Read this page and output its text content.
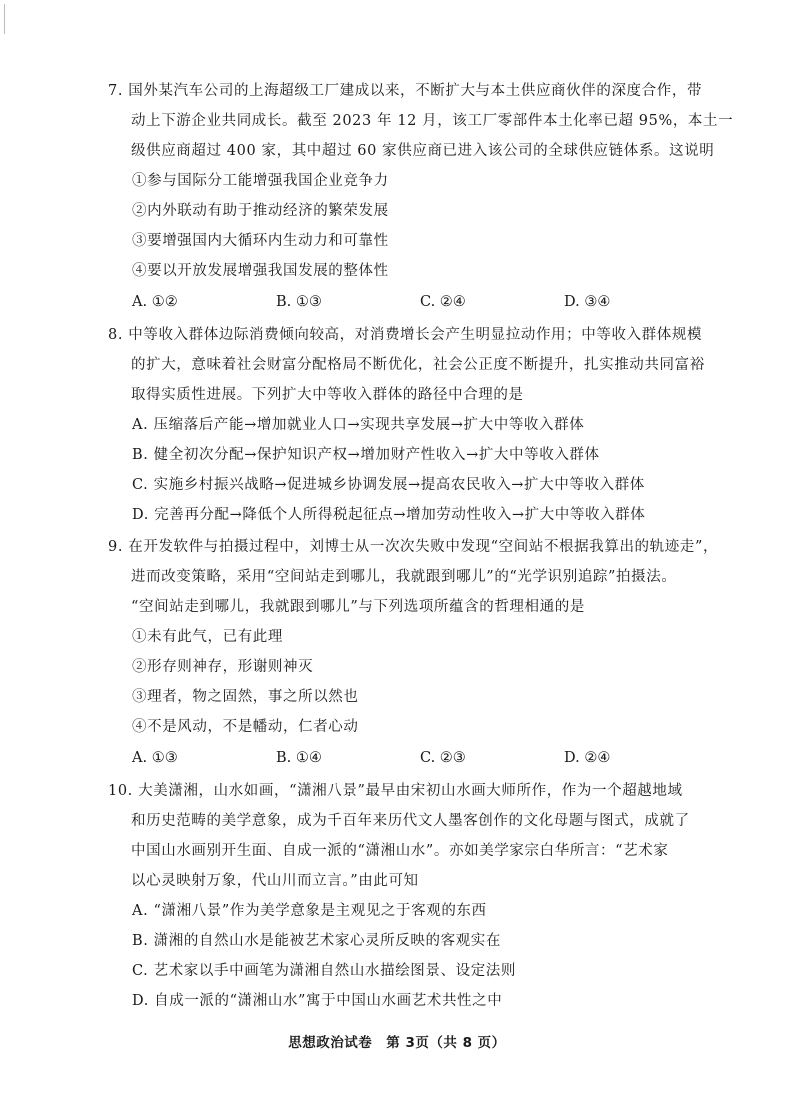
7. 国外某汽车公司的上海超级工厂建成以来，不断扩大与本土供应商伙伴的深度合作，带
动上下游企业共同成长。截至 2023 年 12 月，该工厂零部件本土化率已超 95%，本土一
级供应商超过 400 家，其中超过 60 家供应商已进入该公司的全球供应链体系。这说明
①参与国际分工能增强我国企业竞争力
②内外联动有助于推动经济的繁荣发展
③要增强国内大循环内生动力和可靠性
④要以开放发展增强我国发展的整体性
A. ①②	B. ①③	C. ②④	D. ③④
8. 中等收入群体边际消费倾向较高，对消费增长会产生明显拉动作用；中等收入群体规模
的扩大，意味着社会财富分配格局不断优化，社会公正度不断提升，扎实推动共同富裕
取得实质性进展。下列扩大中等收入群体的路径中合理的是
A. 压缩落后产能→增加就业人口→实现共享发展→扩大中等收入群体
B. 健全初次分配→保护知识产权→增加财产性收入→扩大中等收入群体
C. 实施乡村振兴战略→促进城乡协调发展→提高农民收入→扩大中等收入群体
D. 完善再分配→降低个人所得税起征点→增加劳动性收入→扩大中等收入群体
9. 在开发软件与拍摄过程中，刘博士从一次次失败中发现“空间站不根据我算出的轨迹走”，
进而改变策略，采用“空间站走到哪儿，我就跟到哪儿”的“光学识别追踪”拍摄法。
“空间站走到哪儿，我就跟到哪儿”与下列选项所蕴含的哲理相通的是
①未有此气，已有此理
②形存则神存，形谢则神灭
③理者，物之固然，事之所以然也
④不是风动，不是幡动，仁者心动
A. ①③	B. ①④	C. ②③	D. ②④
10. 大美潇湘，山水如画，“潇湘八景”最早由宋初山水画大师所作，作为一个超越地域
和历史范畴的美学意象，成为千百年来历代文人墨客创作的文化母题与图式，成就了
中国山水画别开生面、自成一派的“潇湘山水”。亦如美学家宗白华所言：“艺术家
以心灵映射万象，代山川而立言。”由此可知
A. “潇湘八景”作为美学意象是主观见之于客观的东西
B. 潇湘的自然山水是能被艺术家心灵所反映的客观实在
C. 艺术家以手中画笔为潇湘自然山水描绘图景、设定法则
D. 自成一派的“潇湘山水”寓于中国山水画艺术共性之中
思想政治试卷　第 3页（共 8 页）
